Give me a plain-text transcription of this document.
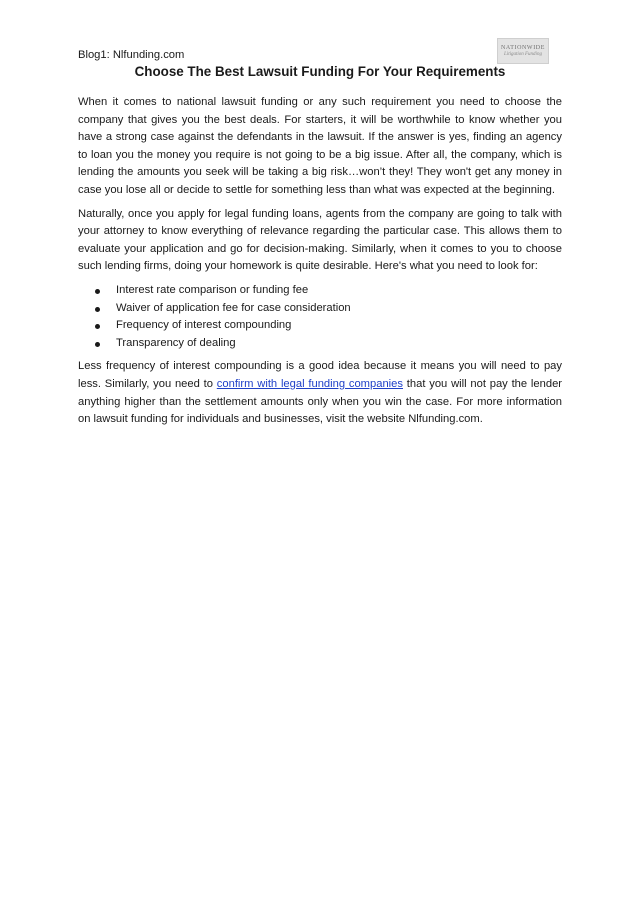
Blog1: Nlfunding.com
NATIONWIDE
Litigation Funding
Choose The Best Lawsuit Funding For Your Requirements

When it comes to national lawsuit funding or any such requirement you need to choose the company that gives you the best deals. For starters, it will be worthwhile to know whether you have a strong case against the defendants in the lawsuit. If the answer is yes, finding an agency to loan you the money you require is not going to be a big issue. After all, the company, which is lending the amounts you seek will be taking a big risk…won’t they! They won't get any money in case you lose all or decide to settle for something less than what was expected at the beginning.

Naturally, once you apply for legal funding loans, agents from the company are going to talk with your attorney to know everything of relevance regarding the particular case. This allows them to evaluate your application and go for decision-making. Similarly, when it comes to you to choose such lending firms, doing your homework is quite desirable. Here's what you need to look for:

Interest rate comparison or funding fee
Waiver of application fee for case consideration
Frequency of interest compounding
Transparency of dealing

Less frequency of interest compounding is a good idea because it means you will need to pay less. Similarly, you need to confirm with legal funding companies that you will not pay the lender anything higher than the settlement amounts only when you win the case. For more information on lawsuit funding for individuals and businesses, visit the website Nlfunding.com.
